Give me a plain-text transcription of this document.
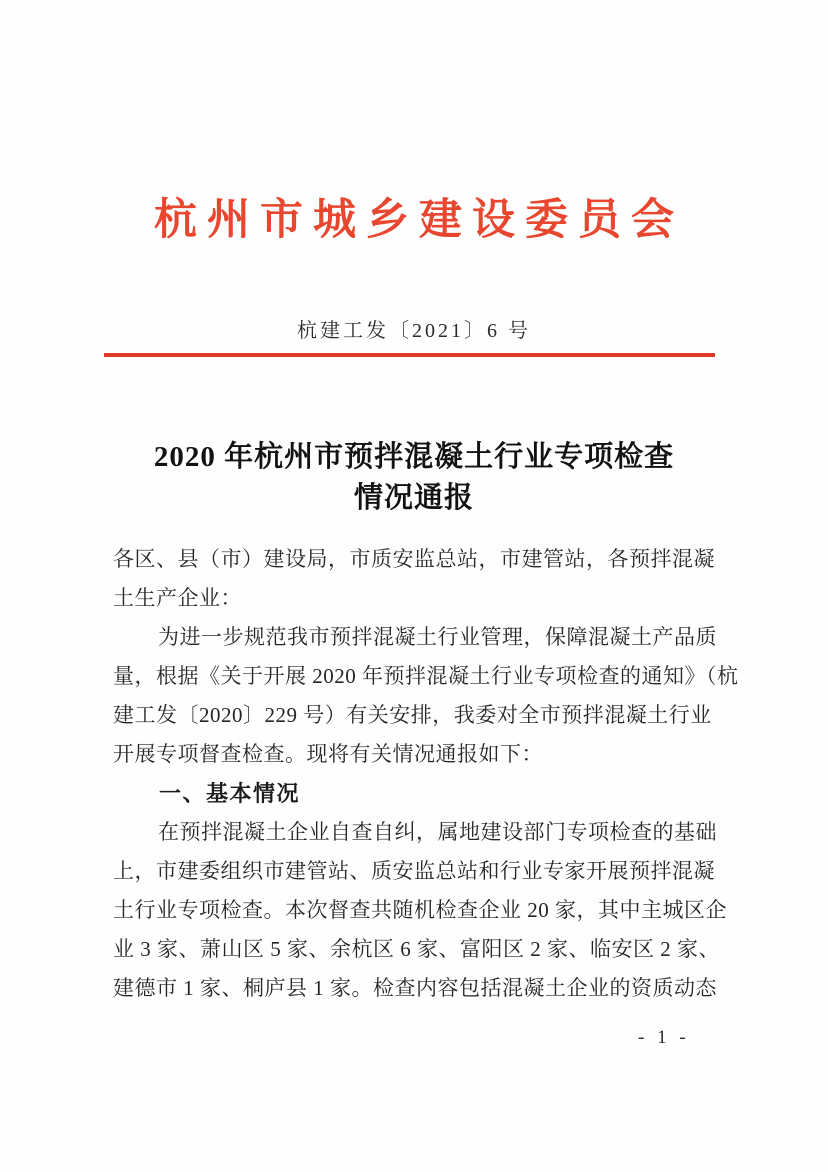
杭州市城乡建设委员会
杭建工发〔2021〕6 号
2020 年杭州市预拌混凝土行业专项检查
情况通报
各区、县（市）建设局，市质安监总站，市建管站，各预拌混凝
土生产企业：
为进一步规范我市预拌混凝土行业管理，保障混凝土产品质
量，根据《关于开展 2020 年预拌混凝土行业专项检查的通知》（杭
建工发〔2020〕229 号）有关安排，我委对全市预拌混凝土行业
开展专项督查检查。现将有关情况通报如下：
一、基本情况
在预拌混凝土企业自查自纠，属地建设部门专项检查的基础
上，市建委组织市建管站、质安监总站和行业专家开展预拌混凝
土行业专项检查。本次督查共随机检查企业 20 家，其中主城区企
业 3 家、萧山区 5 家、余杭区 6 家、富阳区 2 家、临安区 2 家、
建德市 1 家、桐庐县 1 家。检查内容包括混凝土企业的资质动态
- 1 -
